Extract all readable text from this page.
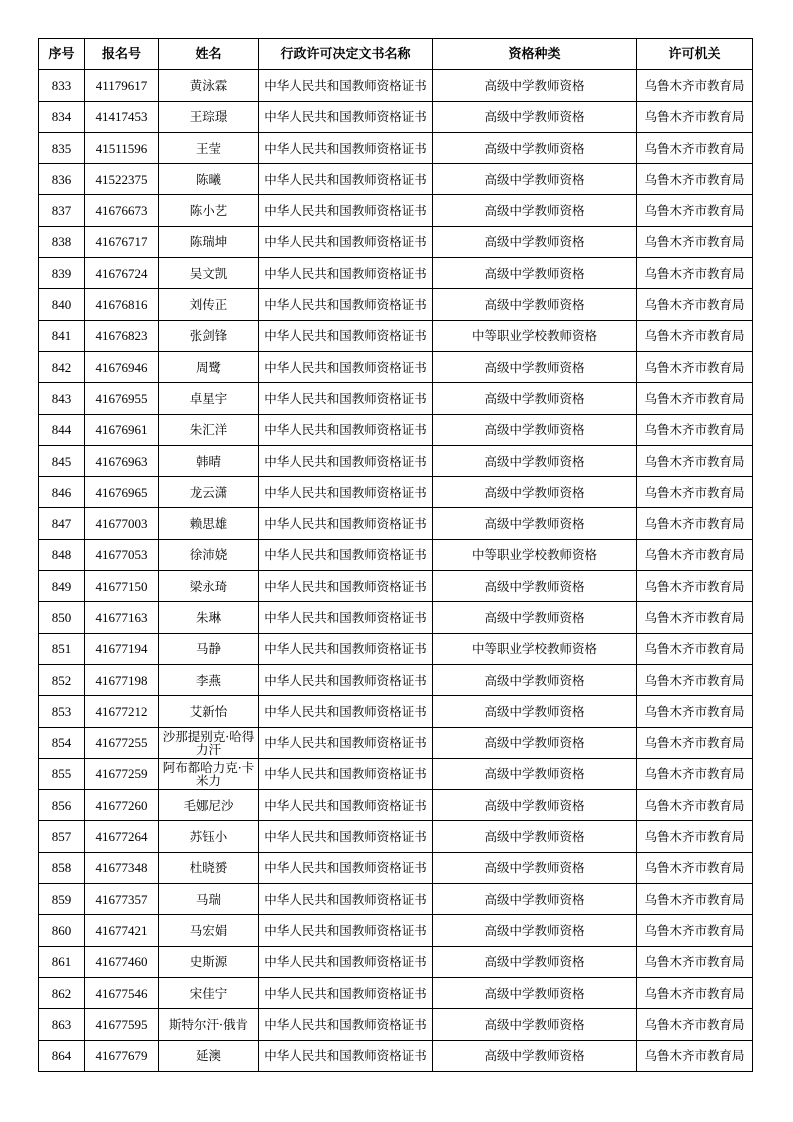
序号	报名号	姓名	行政许可决定文书名称	资格种类	许可机关
833	41179617	黄泳霖	中华人民共和国教师资格证书	高级中学教师资格	乌鲁木齐市教育局
834	41417453	王琮璟	中华人民共和国教师资格证书	高级中学教师资格	乌鲁木齐市教育局
835	41511596	王莹	中华人民共和国教师资格证书	高级中学教师资格	乌鲁木齐市教育局
836	41522375	陈曦	中华人民共和国教师资格证书	高级中学教师资格	乌鲁木齐市教育局
837	41676673	陈小艺	中华人民共和国教师资格证书	高级中学教师资格	乌鲁木齐市教育局
838	41676717	陈瑞坤	中华人民共和国教师资格证书	高级中学教师资格	乌鲁木齐市教育局
839	41676724	吴文凯	中华人民共和国教师资格证书	高级中学教师资格	乌鲁木齐市教育局
840	41676816	刘传正	中华人民共和国教师资格证书	高级中学教师资格	乌鲁木齐市教育局
841	41676823	张剑锋	中华人民共和国教师资格证书	中等职业学校教师资格	乌鲁木齐市教育局
842	41676946	周鹭	中华人民共和国教师资格证书	高级中学教师资格	乌鲁木齐市教育局
843	41676955	卓星宇	中华人民共和国教师资格证书	高级中学教师资格	乌鲁木齐市教育局
844	41676961	朱汇洋	中华人民共和国教师资格证书	高级中学教师资格	乌鲁木齐市教育局
845	41676963	韩晴	中华人民共和国教师资格证书	高级中学教师资格	乌鲁木齐市教育局
846	41676965	龙云潇	中华人民共和国教师资格证书	高级中学教师资格	乌鲁木齐市教育局
847	41677003	赖思雄	中华人民共和国教师资格证书	高级中学教师资格	乌鲁木齐市教育局
848	41677053	徐沛娆	中华人民共和国教师资格证书	中等职业学校教师资格	乌鲁木齐市教育局
849	41677150	梁永琦	中华人民共和国教师资格证书	高级中学教师资格	乌鲁木齐市教育局
850	41677163	朱琳	中华人民共和国教师资格证书	高级中学教师资格	乌鲁木齐市教育局
851	41677194	马静	中华人民共和国教师资格证书	中等职业学校教师资格	乌鲁木齐市教育局
852	41677198	李燕	中华人民共和国教师资格证书	高级中学教师资格	乌鲁木齐市教育局
853	41677212	艾新怡	中华人民共和国教师资格证书	高级中学教师资格	乌鲁木齐市教育局
854	41677255	沙那提别克·哈得力汗	中华人民共和国教师资格证书	高级中学教师资格	乌鲁木齐市教育局
855	41677259	阿布都哈力克·卡米力	中华人民共和国教师资格证书	高级中学教师资格	乌鲁木齐市教育局
856	41677260	毛娜尼沙	中华人民共和国教师资格证书	高级中学教师资格	乌鲁木齐市教育局
857	41677264	苏钰小	中华人民共和国教师资格证书	高级中学教师资格	乌鲁木齐市教育局
858	41677348	杜晓赟	中华人民共和国教师资格证书	高级中学教师资格	乌鲁木齐市教育局
859	41677357	马瑞	中华人民共和国教师资格证书	高级中学教师资格	乌鲁木齐市教育局
860	41677421	马宏娟	中华人民共和国教师资格证书	高级中学教师资格	乌鲁木齐市教育局
861	41677460	史斯源	中华人民共和国教师资格证书	高级中学教师资格	乌鲁木齐市教育局
862	41677546	宋佳宁	中华人民共和国教师资格证书	高级中学教师资格	乌鲁木齐市教育局
863	41677595	斯特尔汗·俄肯	中华人民共和国教师资格证书	高级中学教师资格	乌鲁木齐市教育局
864	41677679	延澳	中华人民共和国教师资格证书	高级中学教师资格	乌鲁木齐市教育局
